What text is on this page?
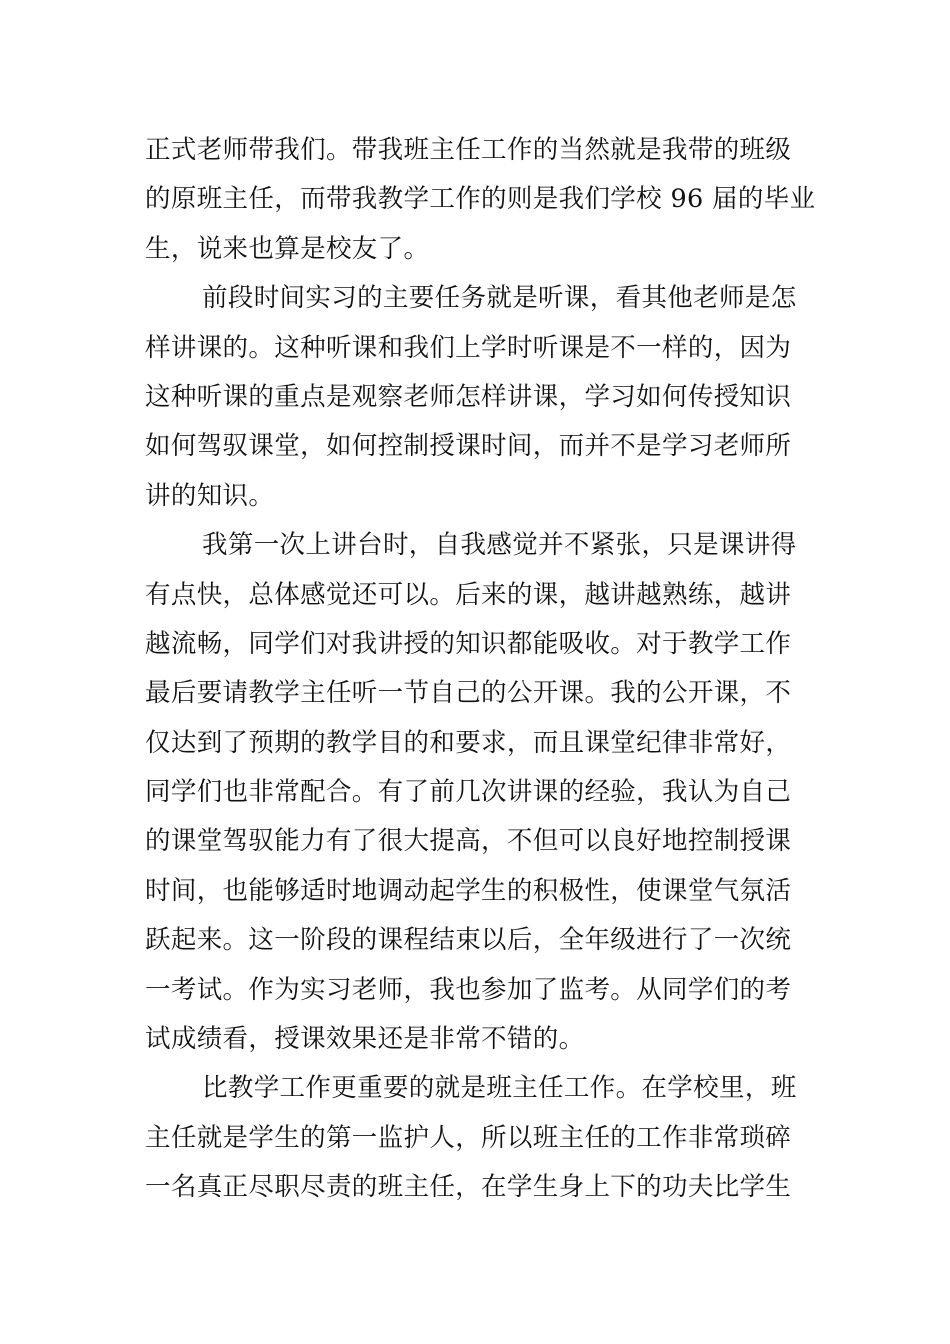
正式老师带我们。带我班主任工作的当然就是我带的班级
的原班主任，而带我教学工作的则是我们学校 96 届的毕业
生，说来也算是校友了。
前段时间实习的主要任务就是听课，看其他老师是怎
样讲课的。这种听课和我们上学时听课是不一样的，因为
这种听课的重点是观察老师怎样讲课，学习如何传授知识
如何驾驭课堂，如何控制授课时间，而并不是学习老师所
讲的知识。
我第一次上讲台时，自我感觉并不紧张，只是课讲得
有点快，总体感觉还可以。后来的课，越讲越熟练，越讲
越流畅，同学们对我讲授的知识都能吸收。对于教学工作
最后要请教学主任听一节自己的公开课。我的公开课，不
仅达到了预期的教学目的和要求，而且课堂纪律非常好，
同学们也非常配合。有了前几次讲课的经验，我认为自己
的课堂驾驭能力有了很大提高，不但可以良好地控制授课
时间，也能够适时地调动起学生的积极性，使课堂气氛活
跃起来。这一阶段的课程结束以后，全年级进行了一次统
一考试。作为实习老师，我也参加了监考。从同学们的考
试成绩看，授课效果还是非常不错的。
比教学工作更重要的就是班主任工作。在学校里，班
主任就是学生的第一监护人，所以班主任的工作非常琐碎
一名真正尽职尽责的班主任，在学生身上下的功夫比学生
